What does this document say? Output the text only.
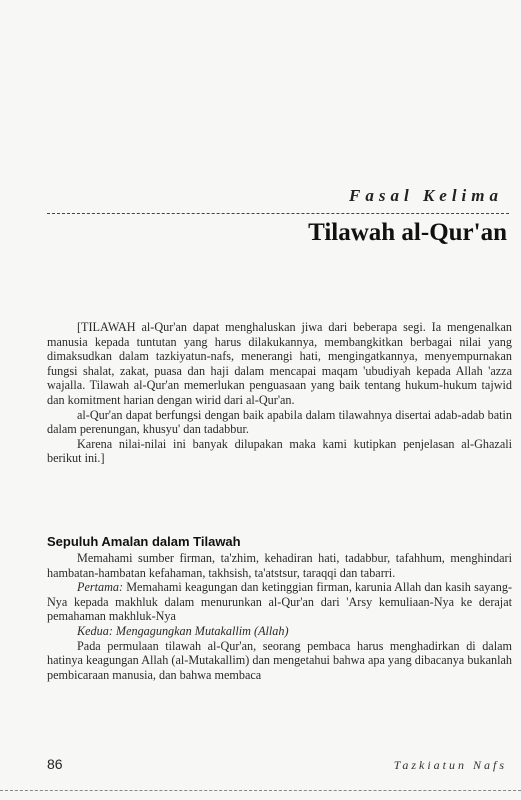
Fasal Kelima
Tilawah al-Qur'an

[TILAWAH al-Qur'an dapat menghaluskan jiwa dari beberapa segi. Ia mengenalkan manusia kepada tuntutan yang harus dilakukannya, membangkitkan berbagai nilai yang dimaksudkan dalam tazkiyatun-nafs, menerangi hati, mengingatkannya, menyempurnakan fungsi shalat, zakat, puasa dan haji dalam mencapai maqam 'ubudiyah kepada Allah 'azza wajalla. Tilawah al-Qur'an memerlukan penguasaan yang baik tentang hukum-hukum tajwid dan komitment harian dengan wirid dari al-Qur'an.

al-Qur'an dapat berfungsi dengan baik apabila dalam tilawahnya disertai adab-adab batin dalam perenungan, khusyu' dan tadabbur.

Karena nilai-nilai ini banyak dilupakan maka kami kutipkan penjelasan al-Ghazali berikut ini.]

Sepuluh Amalan dalam Tilawah

Memahami sumber firman, ta'zhim, kehadiran hati, tadabbur, tafahhum, menghindari hambatan-hambatan kefahaman, takhsish, ta'atstsur, taraqqi dan tabarri.

Pertama: Memahami keagungan dan ketinggian firman, karunia Allah dan kasih sayang-Nya kepada makhluk dalam menurunkan al-Qur'an dari 'Arsy kemuliaan-Nya ke derajat pemahaman makhluk-Nya

Kedua: Mengagungkan Mutakallim (Allah)

Pada permulaan tilawah al-Qur'an, seorang pembaca harus menghadirkan di dalam hatinya keagungan Allah (al-Mutakallim) dan mengetahui bahwa apa yang dibacanya bukanlah pembicaraan manusia, dan bahwa membaca

86	Tazkiatun Nafs
